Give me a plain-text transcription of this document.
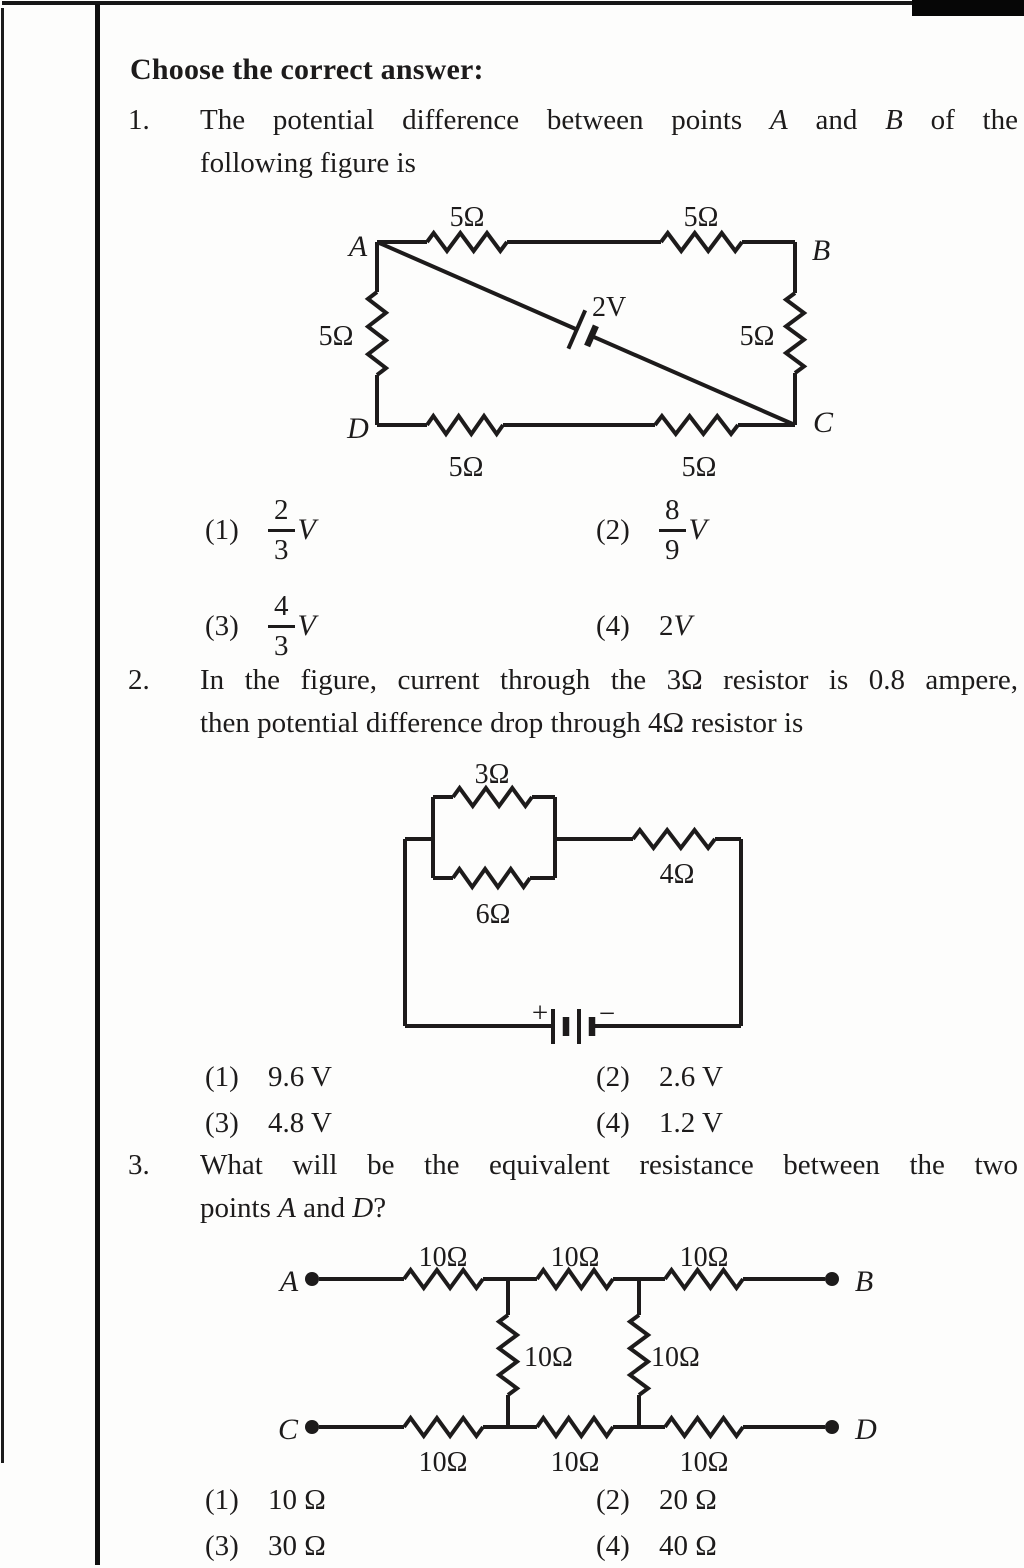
Choose the correct answer:
1. The potential difference between points A and B of the
following figure is
5Ω	5Ω
5Ω	5Ω
5Ω	5Ω
2V
A	B
C
D
(1)	$\frac{2}{3}$ V	(2)	$\frac{8}{9}$ V
(3)	$\frac{4}{3}$ V	(4)	2 V
2. In the figure, current through the 3Ω resistor is 0.8 ampere,
then potential difference drop through 4Ω resistor is
3Ω
6Ω
4Ω
+ −
(1)	9.6 V	(2)	2.6 V
(3)	4.8 V	(4)	1.2 V
3. What will be the equivalent resistance between the two
points A and D?
10Ω	10Ω	10Ω
10Ω	10Ω
10Ω	10Ω	10Ω
A	B
C	D
(1)	10 Ω	(2)	20 Ω
(3)	30 Ω	(4)	40 Ω
